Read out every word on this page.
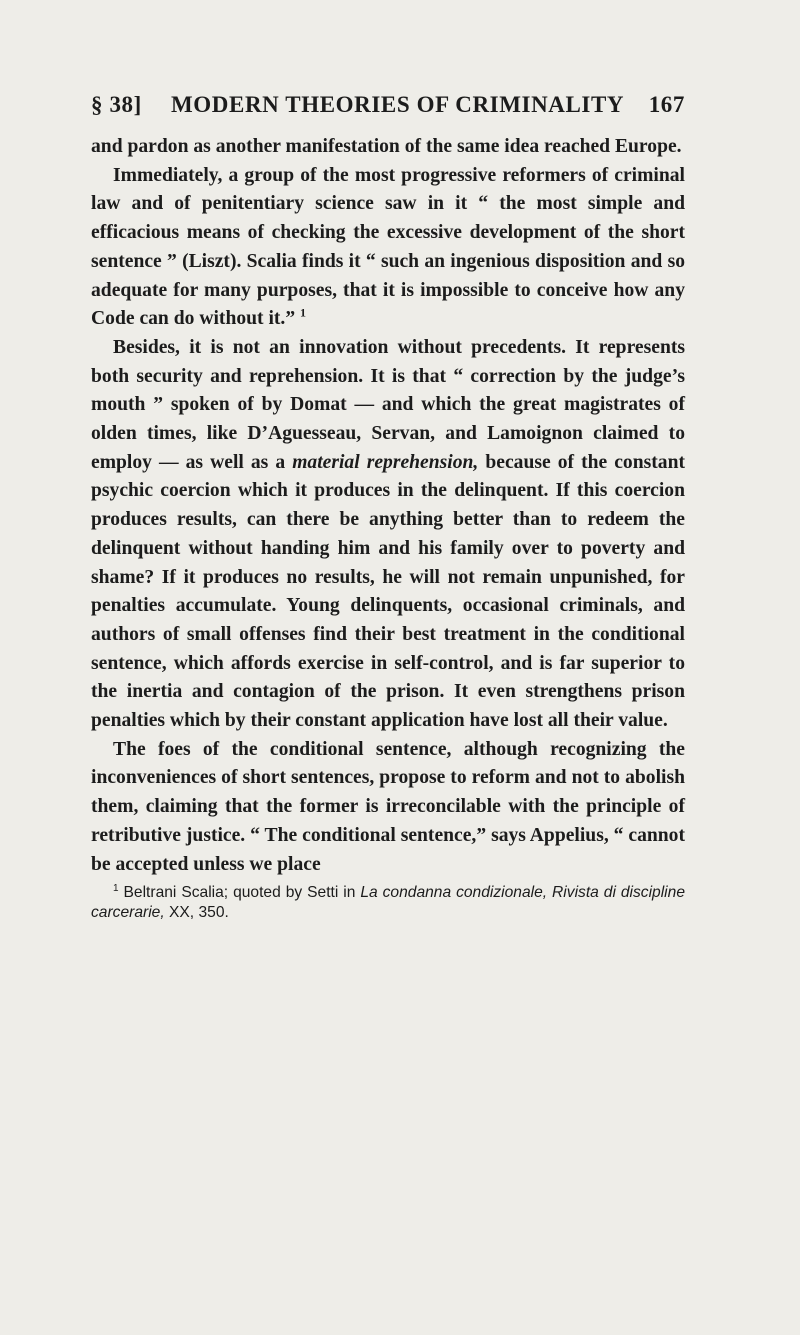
§ 38] MODERN THEORIES OF CRIMINALITY 167

and pardon as another manifestation of the same idea reached Europe.

Immediately, a group of the most progressive reformers of criminal law and of penitentiary science saw in it “ the most simple and efficacious means of checking the excessive development of the short sentence ” (Liszt). Scalia finds it “ such an ingenious disposition and so adequate for many purposes, that it is impossible to conceive how any Code can do without it.” $^1$

Besides, it is not an innovation without precedents. It represents both security and reprehension. It is that “ correction by the judge’s mouth ” spoken of by Domat — and which the great magistrates of olden times, like D’Aguesseau, Servan, and Lamoignon claimed to employ — as well as a material reprehension, because of the constant psychic coercion which it produces in the delinquent. If this coercion produces results, can there be anything better than to redeem the delinquent without handing him and his family over to poverty and shame? If it produces no results, he will not remain unpunished, for penalties accumulate. Young delinquents, occasional criminals, and authors of small offenses find their best treatment in the conditional sentence, which affords exercise in self-control, and is far superior to the inertia and contagion of the prison. It even strengthens prison penalties which by their constant application have lost all their value.

The foes of the conditional sentence, although recognizing the inconveniences of short sentences, propose to reform and not to abolish them, claiming that the former is irreconcilable with the principle of retributive justice. “ The conditional sentence,” says Appelius, “ cannot be accepted unless we place

$^1$ Beltrani Scalia; quoted by Setti in La condanna condizionale, Rivista di discipline carcerarie, XX, 350.
